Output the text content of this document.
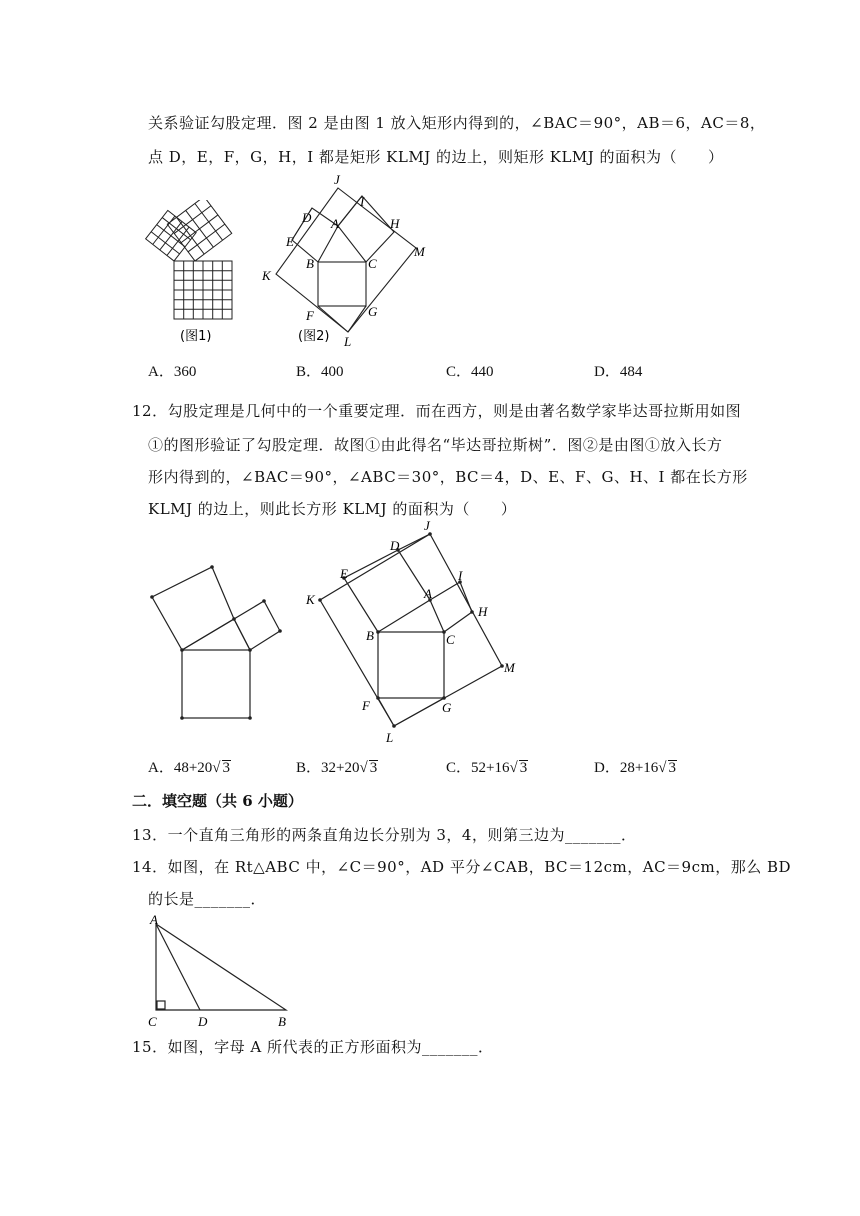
关系验证勾股定理．图 2 是由图 1 放入矩形内得到的，∠BAC＝90°，AB＝6，AC＝8，
点 D，E，F，G，H，I 都是矩形 KLMJ 的边上，则矩形 KLMJ 的面积为（　　）
(图1)
J
I
D A	H
E
M
K
B	C
F	G
L
(图2)
A．360	B．400	C．440	D．484
12．勾股定理是几何中的一个重要定理．而在西方，则是由著名数学家毕达哥拉斯用如图
①的图形验证了勾股定理．故图①由此得名“毕达哥拉斯树”．图②是由图①放入长方
形内得到的，∠BAC＝90°，∠ABC＝30°，BC＝4，D、E、F、G、H、I 都在长方形
KLMJ 的边上，则此长方形 KLMJ 的面积为（　　）
J
D
E	I
K	A
H
B	C
M
F	G
L
A．48+20√ 3	B．32+20√ 3	C．52+16√ 3	D．28+16√ 3
二．填空题（共 6 小题）
13．一个直角三角形的两条直角边长分别为 3，4，则第三边为_______．
14．如图，在 Rt△ABC 中，∠C＝90°，AD 平分∠CAB，BC＝12cm，AC＝9cm，那么 BD
的长是_______．
A
C	D	B
15．如图，字母 A 所代表的正方形面积为_______．
